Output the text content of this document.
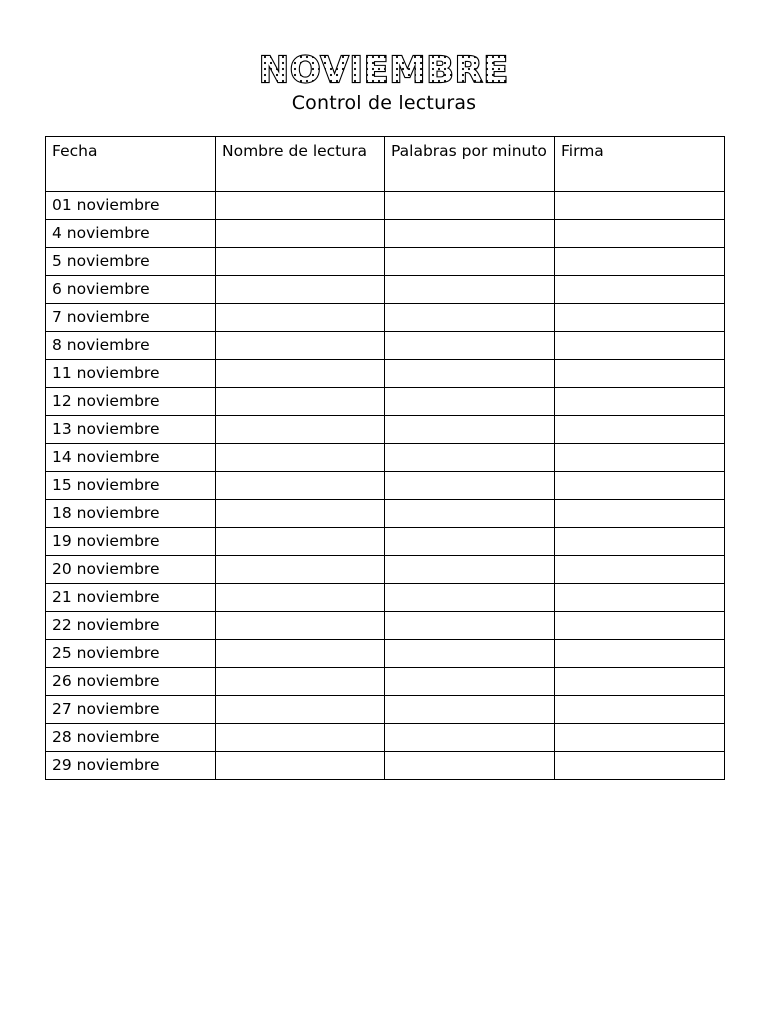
NOVIEMBRE
Control de lecturas
Fecha	Nombre de lectura	Palabras por minuto	Firma
01 noviembre			
4 noviembre			
5 noviembre			
6 noviembre			
7 noviembre			
8 noviembre			
11 noviembre			
12 noviembre			
13 noviembre			
14 noviembre			
15 noviembre			
18 noviembre			
19 noviembre			
20 noviembre			
21 noviembre			
22 noviembre			
25 noviembre			
26 noviembre			
27 noviembre			
28 noviembre			
29 noviembre			
